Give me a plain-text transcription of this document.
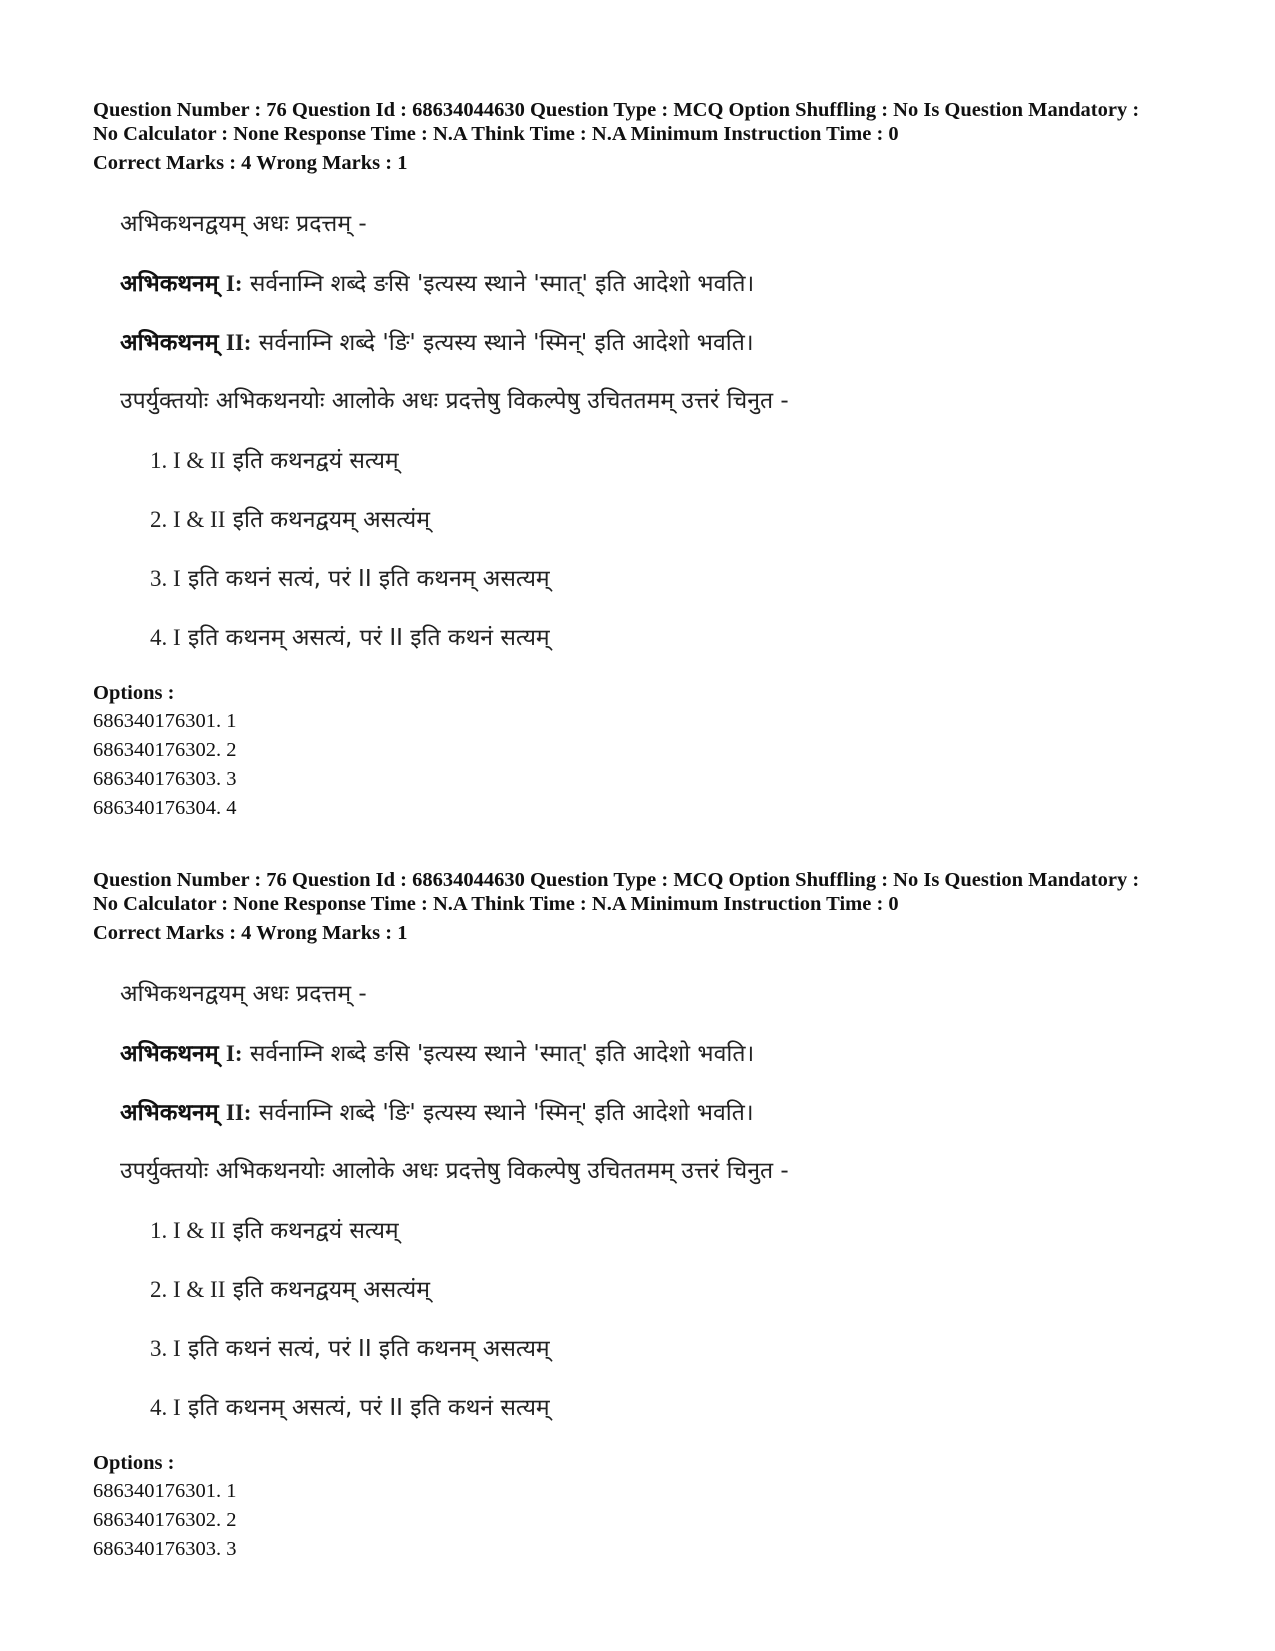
Question Number : 76 Question Id : 68634044630 Question Type : MCQ Option Shuffling : No Is Question Mandatory :

No Calculator : None Response Time : N.A Think Time : N.A Minimum Instruction Time : 0

Correct Marks : 4 Wrong Marks : 1

अभिकथनद्वयम् अधः प्रदत्तम् -
अभिकथनम् I: सर्वनाम्नि शब्दे ङसि 'इत्यस्य स्थाने 'स्मात्' इति आदेशो भवति।
अभिकथनम् II: सर्वनाम्नि शब्दे 'ङि' इत्यस्य स्थाने 'स्मिन्' इति आदेशो भवति।
उपर्युक्तयोः अभिकथनयोः आलोके अधः प्रदत्तेषु विकल्पेषु उचिततमम् उत्तरं चिनुत -
1. I & II इति कथनद्वयं सत्यम्
2. I & II इति कथनद्वयम् असत्यंम्
3. I इति कथनं सत्यं, परं II इति कथनम् असत्यम्
4. I इति कथनम् असत्यं, परं II इति कथनं सत्यम्
Options :
686340176301. 1
686340176302. 2
686340176303. 3
686340176304. 4

Question Number : 76 Question Id : 68634044630 Question Type : MCQ Option Shuffling : No Is Question Mandatory :

No Calculator : None Response Time : N.A Think Time : N.A Minimum Instruction Time : 0

Correct Marks : 4 Wrong Marks : 1

अभिकथनद्वयम् अधः प्रदत्तम् -
अभिकथनम् I: सर्वनाम्नि शब्दे ङसि 'इत्यस्य स्थाने 'स्मात्' इति आदेशो भवति।
अभिकथनम् II: सर्वनाम्नि शब्दे 'ङि' इत्यस्य स्थाने 'स्मिन्' इति आदेशो भवति।
उपर्युक्तयोः अभिकथनयोः आलोके अधः प्रदत्तेषु विकल्पेषु उचिततमम् उत्तरं चिनुत -
1. I & II इति कथनद्वयं सत्यम्
2. I & II इति कथनद्वयम् असत्यंम्
3. I इति कथनं सत्यं, परं II इति कथनम् असत्यम्
4. I इति कथनम् असत्यं, परं II इति कथनं सत्यम्
Options :
686340176301. 1
686340176302. 2
686340176303. 3
